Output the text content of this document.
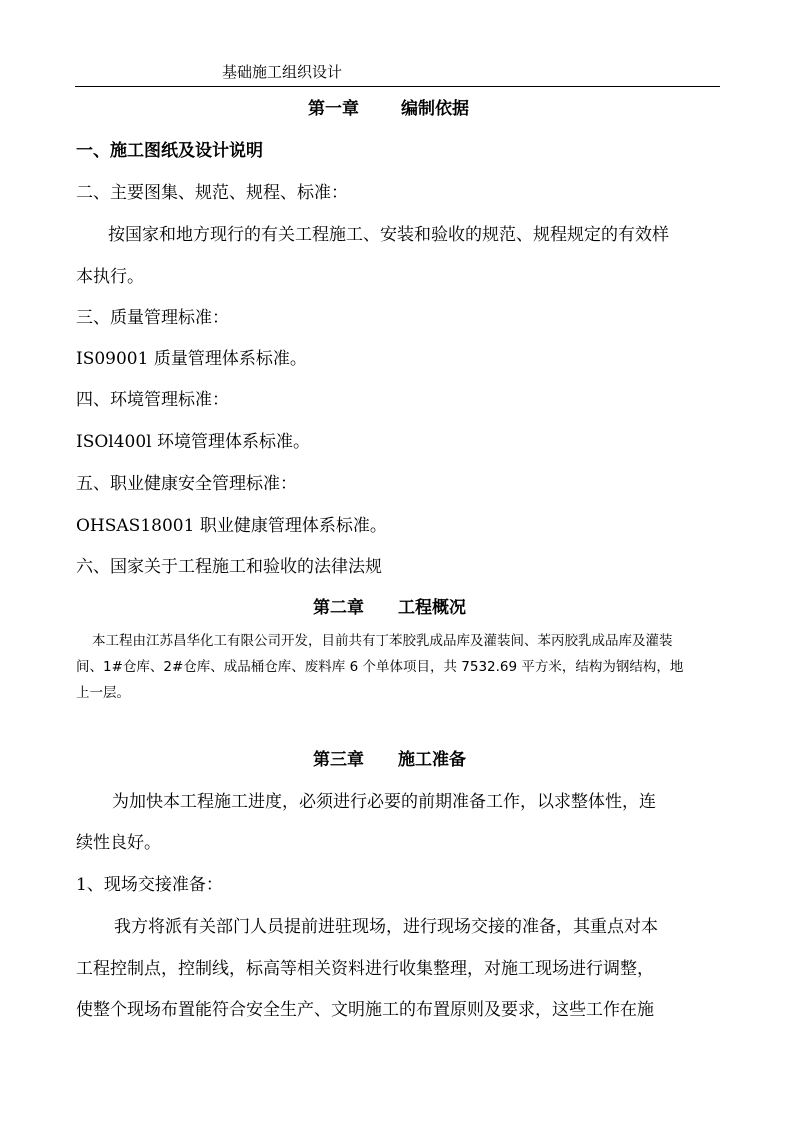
基础施工组织设计
第一章 编制依据
一、施工图纸及设计说明
二、主要图集、规范、规程、标准：
按国家和地方现行的有关工程施工、安装和验收的规范、规程规定的有效样
本执行。
三、质量管理标准：
IS09001 质量管理体系标准。
四、环境管理标准：
ISOl400l 环境管理体系标准。
五、职业健康安全管理标准：
OHSAS18001 职业健康管理体系标准。
六、国家关于工程施工和验收的法律法规
第二章 工程概况
本工程由江苏昌华化工有限公司开发，目前共有丁苯胶乳成品库及灌装间、苯丙胶乳成品库及灌装
间、1#仓库、2#仓库、成品桶仓库、废料库 6 个单体项目，共 7532.69 平方米，结构为钢结构，地
上一层。
第三章 施工准备
为加快本工程施工进度，必须进行必要的前期准备工作，以求整体性，连
续性良好。
1、现场交接准备：
我方将派有关部门人员提前进驻现场，进行现场交接的准备，其重点对本
工程控制点，控制线，标高等相关资料进行收集整理，对施工现场进行调整，
使整个现场布置能符合安全生产、文明施工的布置原则及要求，这些工作在施
